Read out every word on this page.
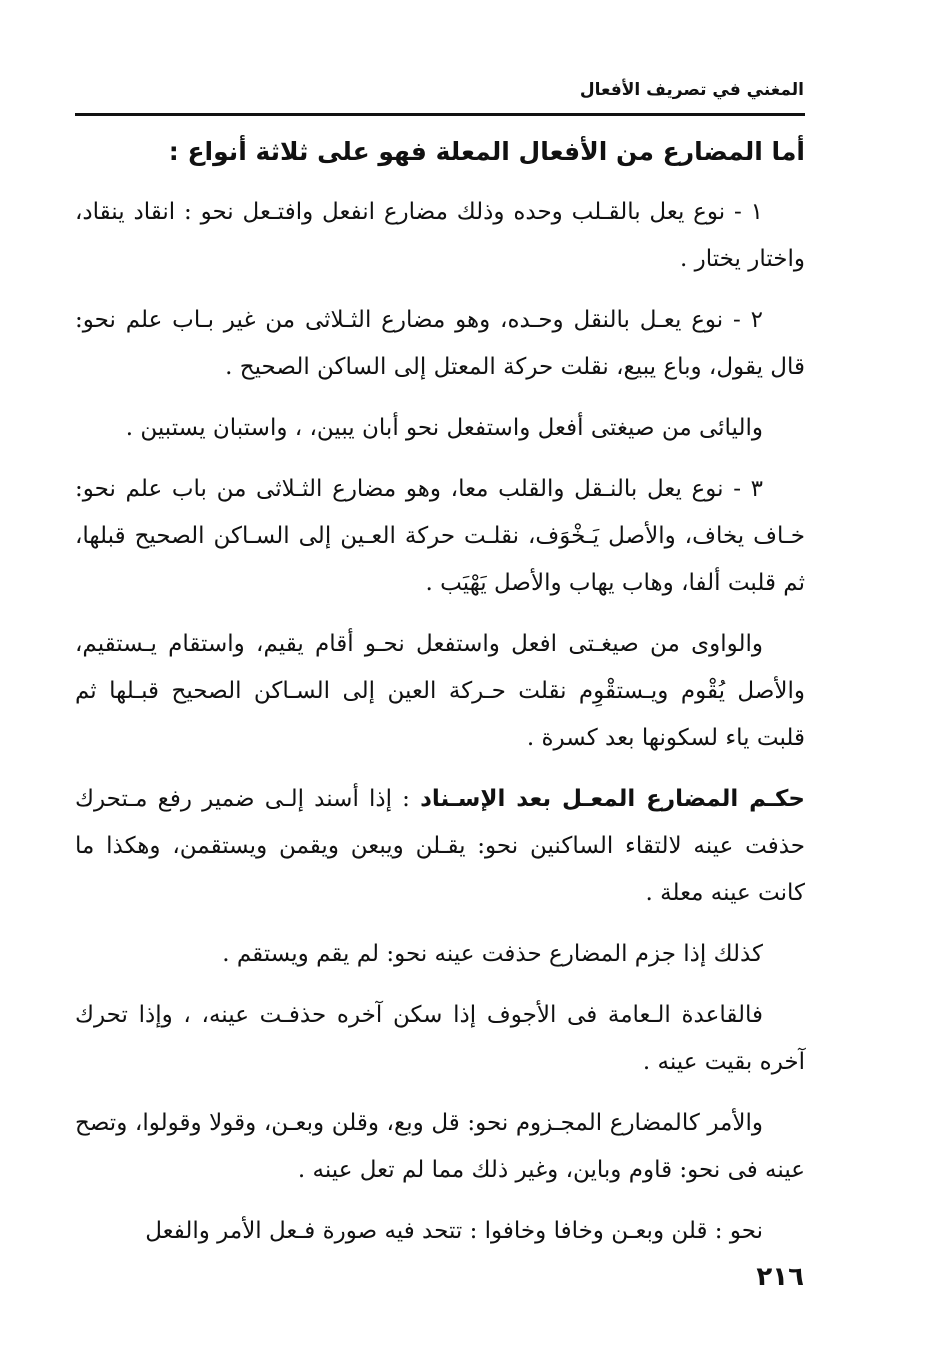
المغني في تصريف الأفعال

أما المضارع من الأفعال المعلة فهو على ثلاثة أنواع :

١ - نوع يعل بالقـلب وحده وذلك مضارع انفعل وافتـعل نحو : انقاد ينقاد، واختار يختار .

٢ - نوع يعـل بالنقل وحـده، وهو مضارع الثـلاثى من غير بـاب علم نحو: قال يقول، وباع يبيع، نقلت حركة المعتل إلى الساكن الصحيح .

واليائى من صيغتى أفعل واستفعل نحو أبان يبين، ، واستبان يستبين .

٣ - نوع يعل بالنـقل والقلب معا، وهو مضارع الثـلاثى من باب علم نحو: خـاف يخاف، والأصل يَـخْوَف، نقلـت حركة العـين إلى السـاكن الصحيح قبلها، ثم قلبت ألفا، وهاب يهاب والأصل يَهْيَب .

والواوى من صيغـتى افعل واستفعل نحـو أقام يقيم، واستقام يـستقيم، والأصل يُقْوم ويـستقْوِم نقلت حـركة العين إلى السـاكن الصحيح قبـلها ثم قلبت ياء لسكونها بعد كسرة .

حكـم المضارع المعـل بعد الإسـناد : إذا أسند إلـى ضمير رفع مـتحرك حذفت عينه لالتقاء الساكنين نحو: يقـلن ويبعن ويقمن ويستقمن، وهكذا ما كانت عينه معلة .

كذلك إذا جزم المضارع حذفت عينه نحو: لم يقم ويستقم .

فالقاعدة الـعامة فى الأجوف إذا سكن آخره حذفـت عينه، ، وإذا تحرك آخره بقيت عينه .

والأمر كالمضارع المجـزوم نحو: قل وبع، وقلن وبعـن، وقولا وقولوا، وتصح عينه فى نحو: قاوم وباين، وغير ذلك مما لم تعل عينه .

نحو : قلن وبعـن وخافا وخافوا : تتحد فيه صورة فـعل الأمر والفعل

٢١٦
